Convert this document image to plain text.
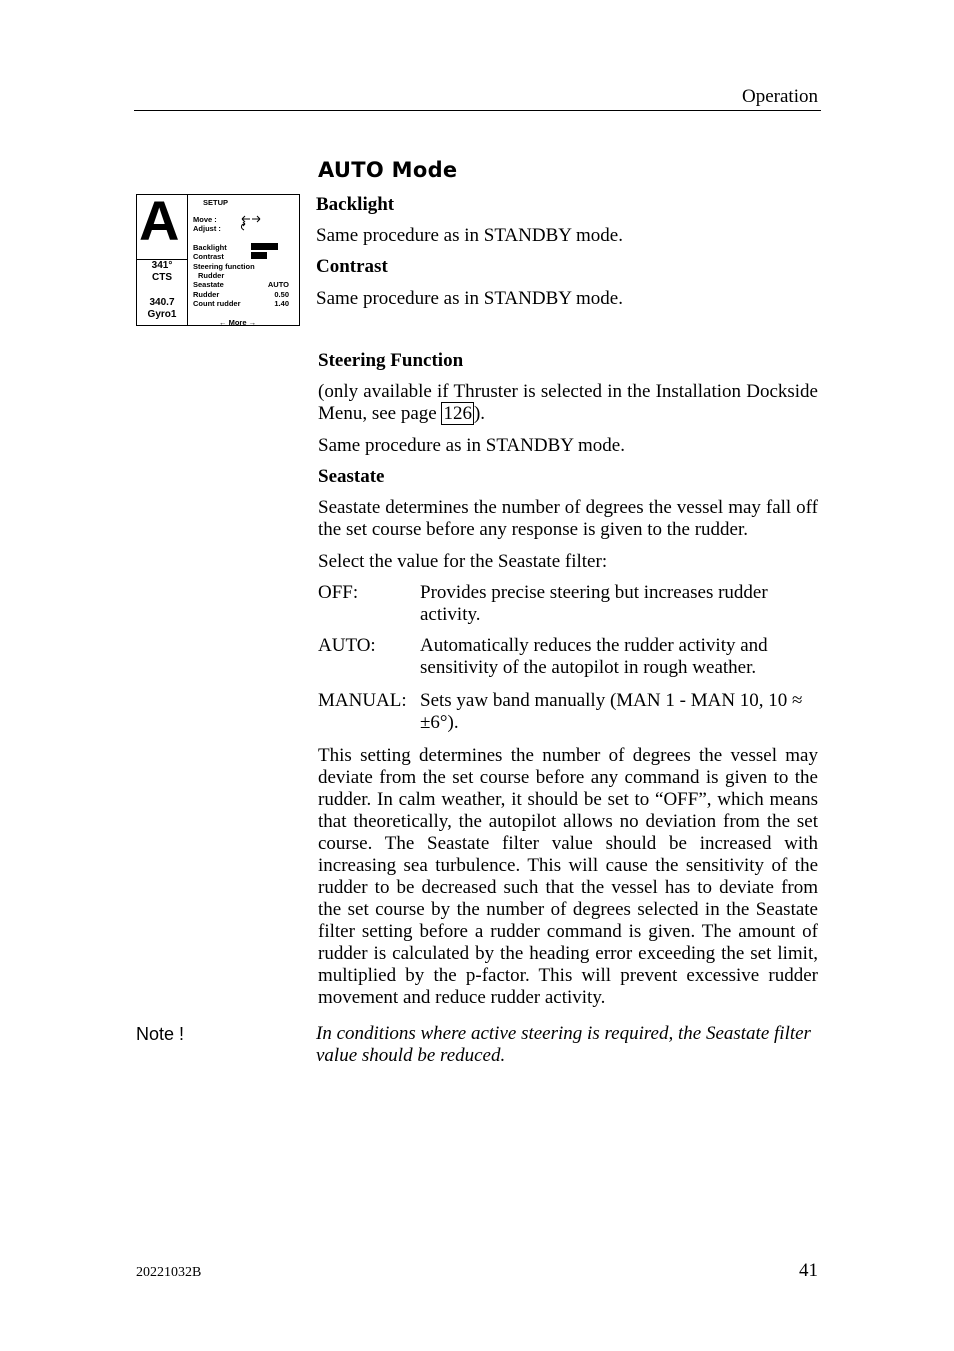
Operation
AUTO Mode
A
341°
CTS
340.7
Gyro1
SETUP
Move :
Adjust :
Backlight
Contrast
Steering function
Rudder
Seastate	AUTO
Rudder	0.50
Count rudder	1.40
← More →
Backlight
Same procedure as in STANDBY mode.
Contrast
Same procedure as in STANDBY mode.
Steering Function
(only available if Thruster is selected in the Installation Dockside Menu, see page 126 ).
Same procedure as in STANDBY mode.
Seastate
Seastate determines the number of degrees the vessel may fall off the set course before any response is given to the rudder.
Select the value for the Seastate filter:
OFF:	Provides precise steering but increases rudder activity.
AUTO: Automatically reduces the rudder activity and sensitivity of the autopilot in rough weather.
MANUAL: Sets yaw band manually (MAN 1 - MAN 10, 10 ≈ ±6°).
This setting determines the number of degrees the vessel may deviate from the set course before any command is given to the rudder. In calm weather, it should be set to “OFF”, which means that theoretically, the autopilot allows no deviation from the set course. The Seastate filter value should be increased with increasing sea turbulence. This will cause the sensitivity of the rudder to be decreased such that the vessel has to deviate from the set course by the number of degrees selected in the Seastate filter setting before a rudder command is given. The amount of rudder is calculated by the heading error exceeding the set limit, multiplied by the p-factor. This will prevent excessive rudder movement and reduce rudder activity.
Note !	In conditions where active steering is required, the Seastate filter value should be reduced.
20221032B	41
